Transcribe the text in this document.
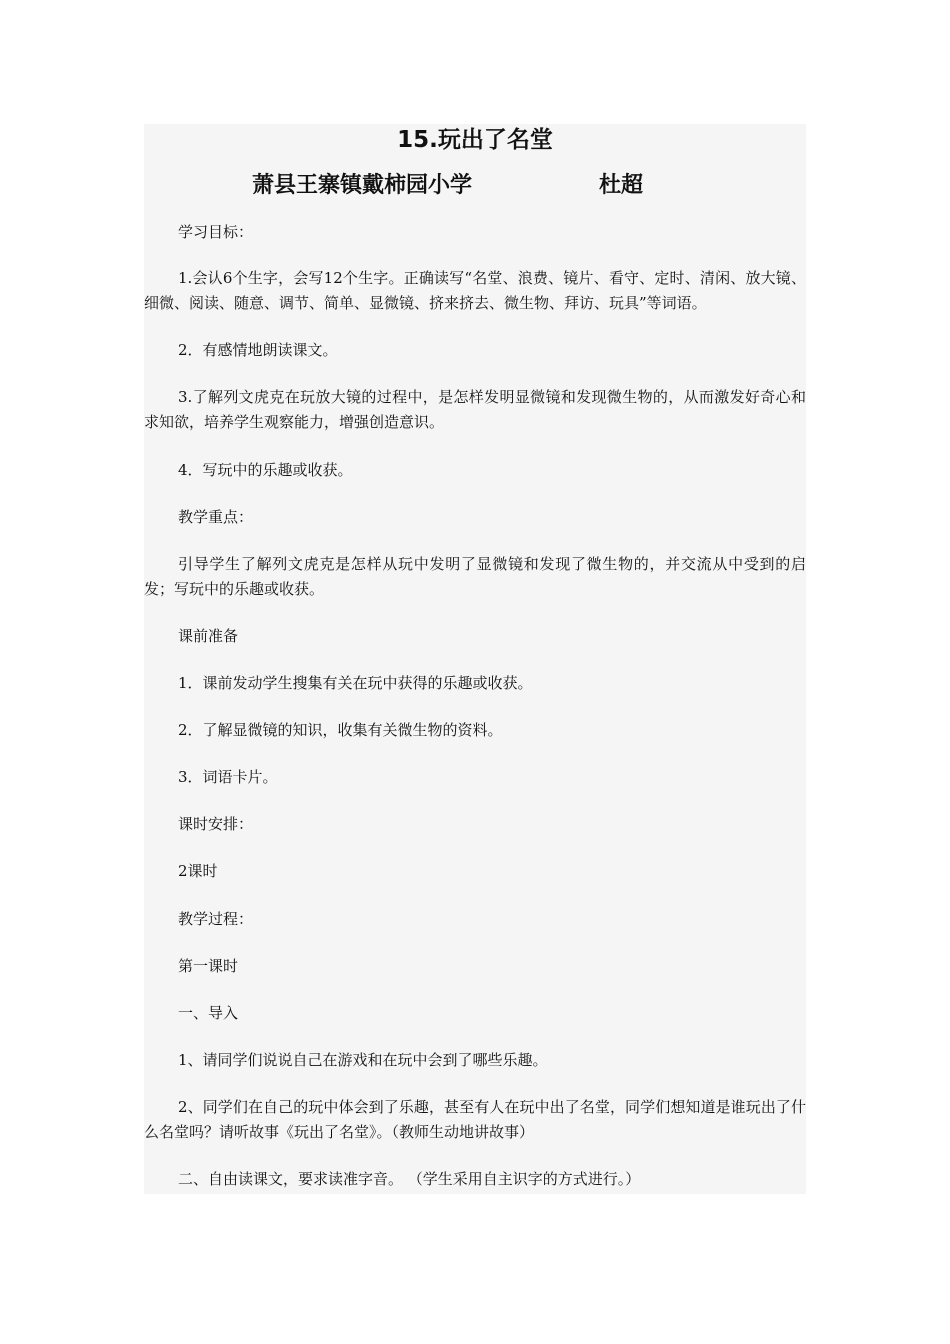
15.玩出了名堂
萧县王寨镇戴柿园小学	杜超

学习目标：

1.会认6个生字，会写12个生字。正确读写“名堂、浪费、镜片、看守、定时、清闲、放大镜、细微、阅读、随意、调节、简单、显微镜、挤来挤去、微生物、拜访、玩具”等词语。

2．有感情地朗读课文。

3.了解列文虎克在玩放大镜的过程中，是怎样发明显微镜和发现微生物的，从而激发好奇心和求知欲，培养学生观察能力，增强创造意识。

4．写玩中的乐趣或收获。

教学重点：

引导学生了解列文虎克是怎样从玩中发明了显微镜和发现了微生物的，并交流从中受到的启发；写玩中的乐趣或收获。

课前准备

1．课前发动学生搜集有关在玩中获得的乐趣或收获。

2．了解显微镜的知识，收集有关微生物的资料。

3．词语卡片。

课时安排：

2课时

教学过程：

第一课时

一、导入

1、请同学们说说自己在游戏和在玩中会到了哪些乐趣。

2、同学们在自己的玩中体会到了乐趣，甚至有人在玩中出了名堂，同学们想知道是谁玩出了什么名堂吗？请听故事《玩出了名堂》。（教师生动地讲故事）

二、自由读课文，要求读准字音。 （学生采用自主识字的方式进行。）
